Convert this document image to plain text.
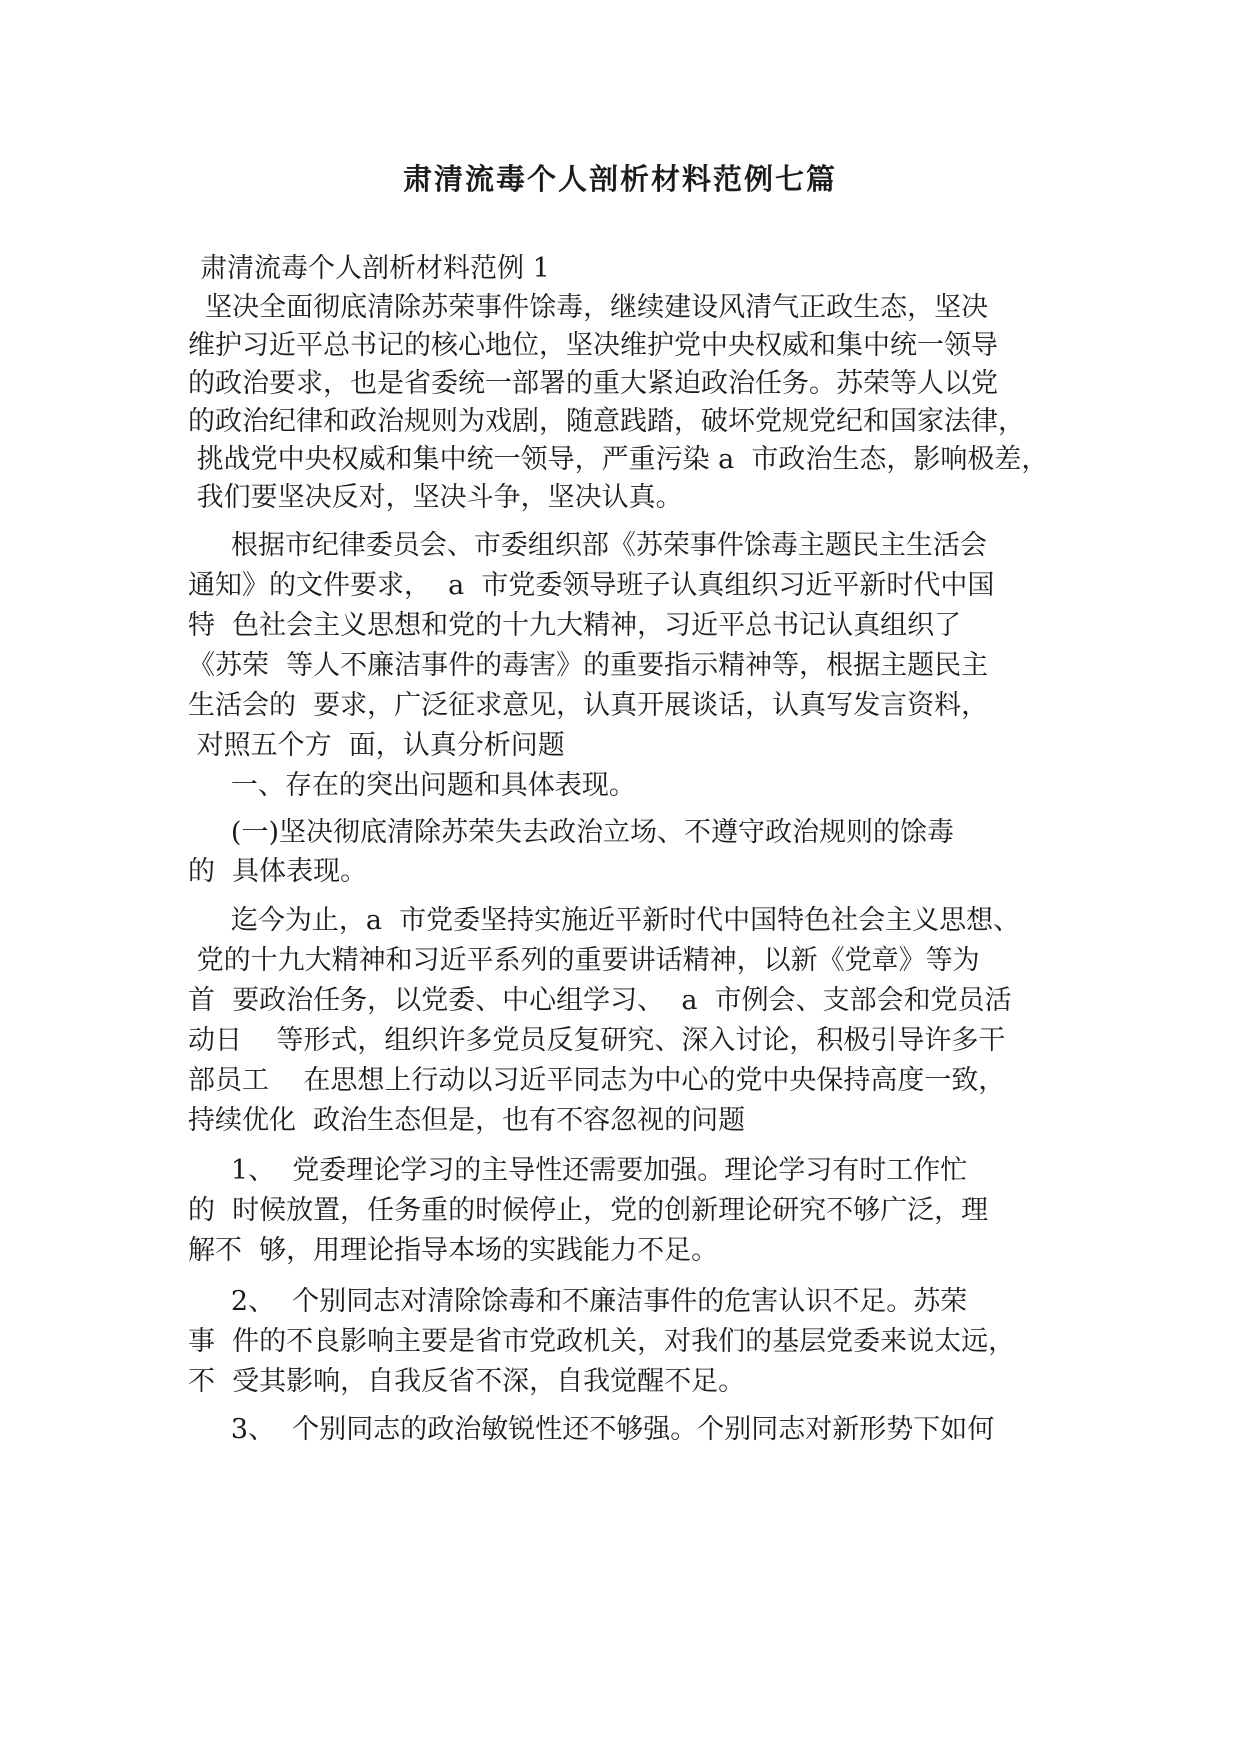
肃清流毒个人剖析材料范例七篇

肃清流毒个人剖析材料范例 1

坚决全面彻底清除苏荣事件馀毒，继续建设风清气正政生态，坚决

维护习近平总书记的核心地位，坚决维护党中央权威和集中统一领导

的政治要求，也是省委统一部署的重大紧迫政治任务。苏荣等人以党

的政治纪律和政治规则为戏剧，随意践踏，破坏党规党纪和国家法律，

挑战党中央权威和集中统一领导，严重污染 a  市政治生态，影响极差，

我们要坚决反对，坚决斗争，坚决认真。

根据市纪律委员会、市委组织部《苏荣事件馀毒主题民主生活会

通知》的文件要求，  a  市党委领导班子认真组织习近平新时代中国

特  色社会主义思想和党的十九大精神，习近平总书记认真组织了

《苏荣  等人不廉洁事件的毒害》的重要指示精神等，根据主题民主

生活会的  要求，广泛征求意见，认真开展谈话，认真写发言资料，

对照五个方  面，认真分析问题

一、存在的突出问题和具体表现。

(一)坚决彻底清除苏荣失去政治立场、不遵守政治规则的馀毒

的  具体表现。

迄今为止，a  市党委坚持实施近平新时代中国特色社会主义思想、

党的十九大精神和习近平系列的重要讲话精神，以新《党章》等为

首  要政治任务，以党委、中心组学习、  a  市例会、支部会和党员活

动日    等形式，组织许多党员反复研究、深入讨论，积极引导许多干

部员工    在思想上行动以习近平同志为中心的党中央保持高度一致，

持续优化  政治生态但是，也有不容忽视的问题

1、  党委理论学习的主导性还需要加强。理论学习有时工作忙

的  时候放置，任务重的时候停止，党的创新理论研究不够广泛，理

解不  够，用理论指导本场的实践能力不足。

2、  个别同志对清除馀毒和不廉洁事件的危害认识不足。苏荣

事  件的不良影响主要是省市党政机关，对我们的基层党委来说太远，

不  受其影响，自我反省不深，自我觉醒不足。

3、  个别同志的政治敏锐性还不够强。个别同志对新形势下如何
